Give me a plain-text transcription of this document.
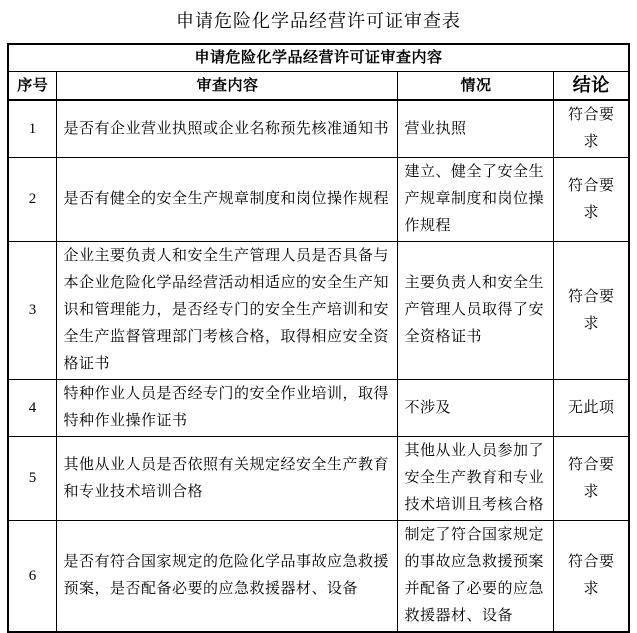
申请危险化学品经营许可证审查表
申请危险化学品经营许可证审查内容			
序号	审查内容	情况	结论
1	是否有企业营业执照或企业名称预先核准通知书	营业执照	符合要求
2	是否有健全的安全生产规章制度和岗位操作规程	建立、健全了安全生产规章制度和岗位操作规程	符合要求
3	企业主要负责人和安全生产管理人员是否具备与本企业危险化学品经营活动相适应的安全生产知识和管理能力，是否经专门的安全生产培训和安全生产监督管理部门考核合格，取得相应安全资格证书	主要负责人和安全生产管理人员取得了安全资格证书	符合要求
4	特种作业人员是否经专门的安全作业培训，取得特种作业操作证书	不涉及	无此项
5	其他从业人员是否依照有关规定经安全生产教育和专业技术培训合格	其他从业人员参加了安全生产教育和专业技术培训且考核合格	符合要求
6	是否有符合国家规定的危险化学品事故应急救援预案，是否配备必要的应急救援器材、设备	制定了符合国家规定的事故应急救援预案并配备了必要的应急救援器材、设备	符合要求
